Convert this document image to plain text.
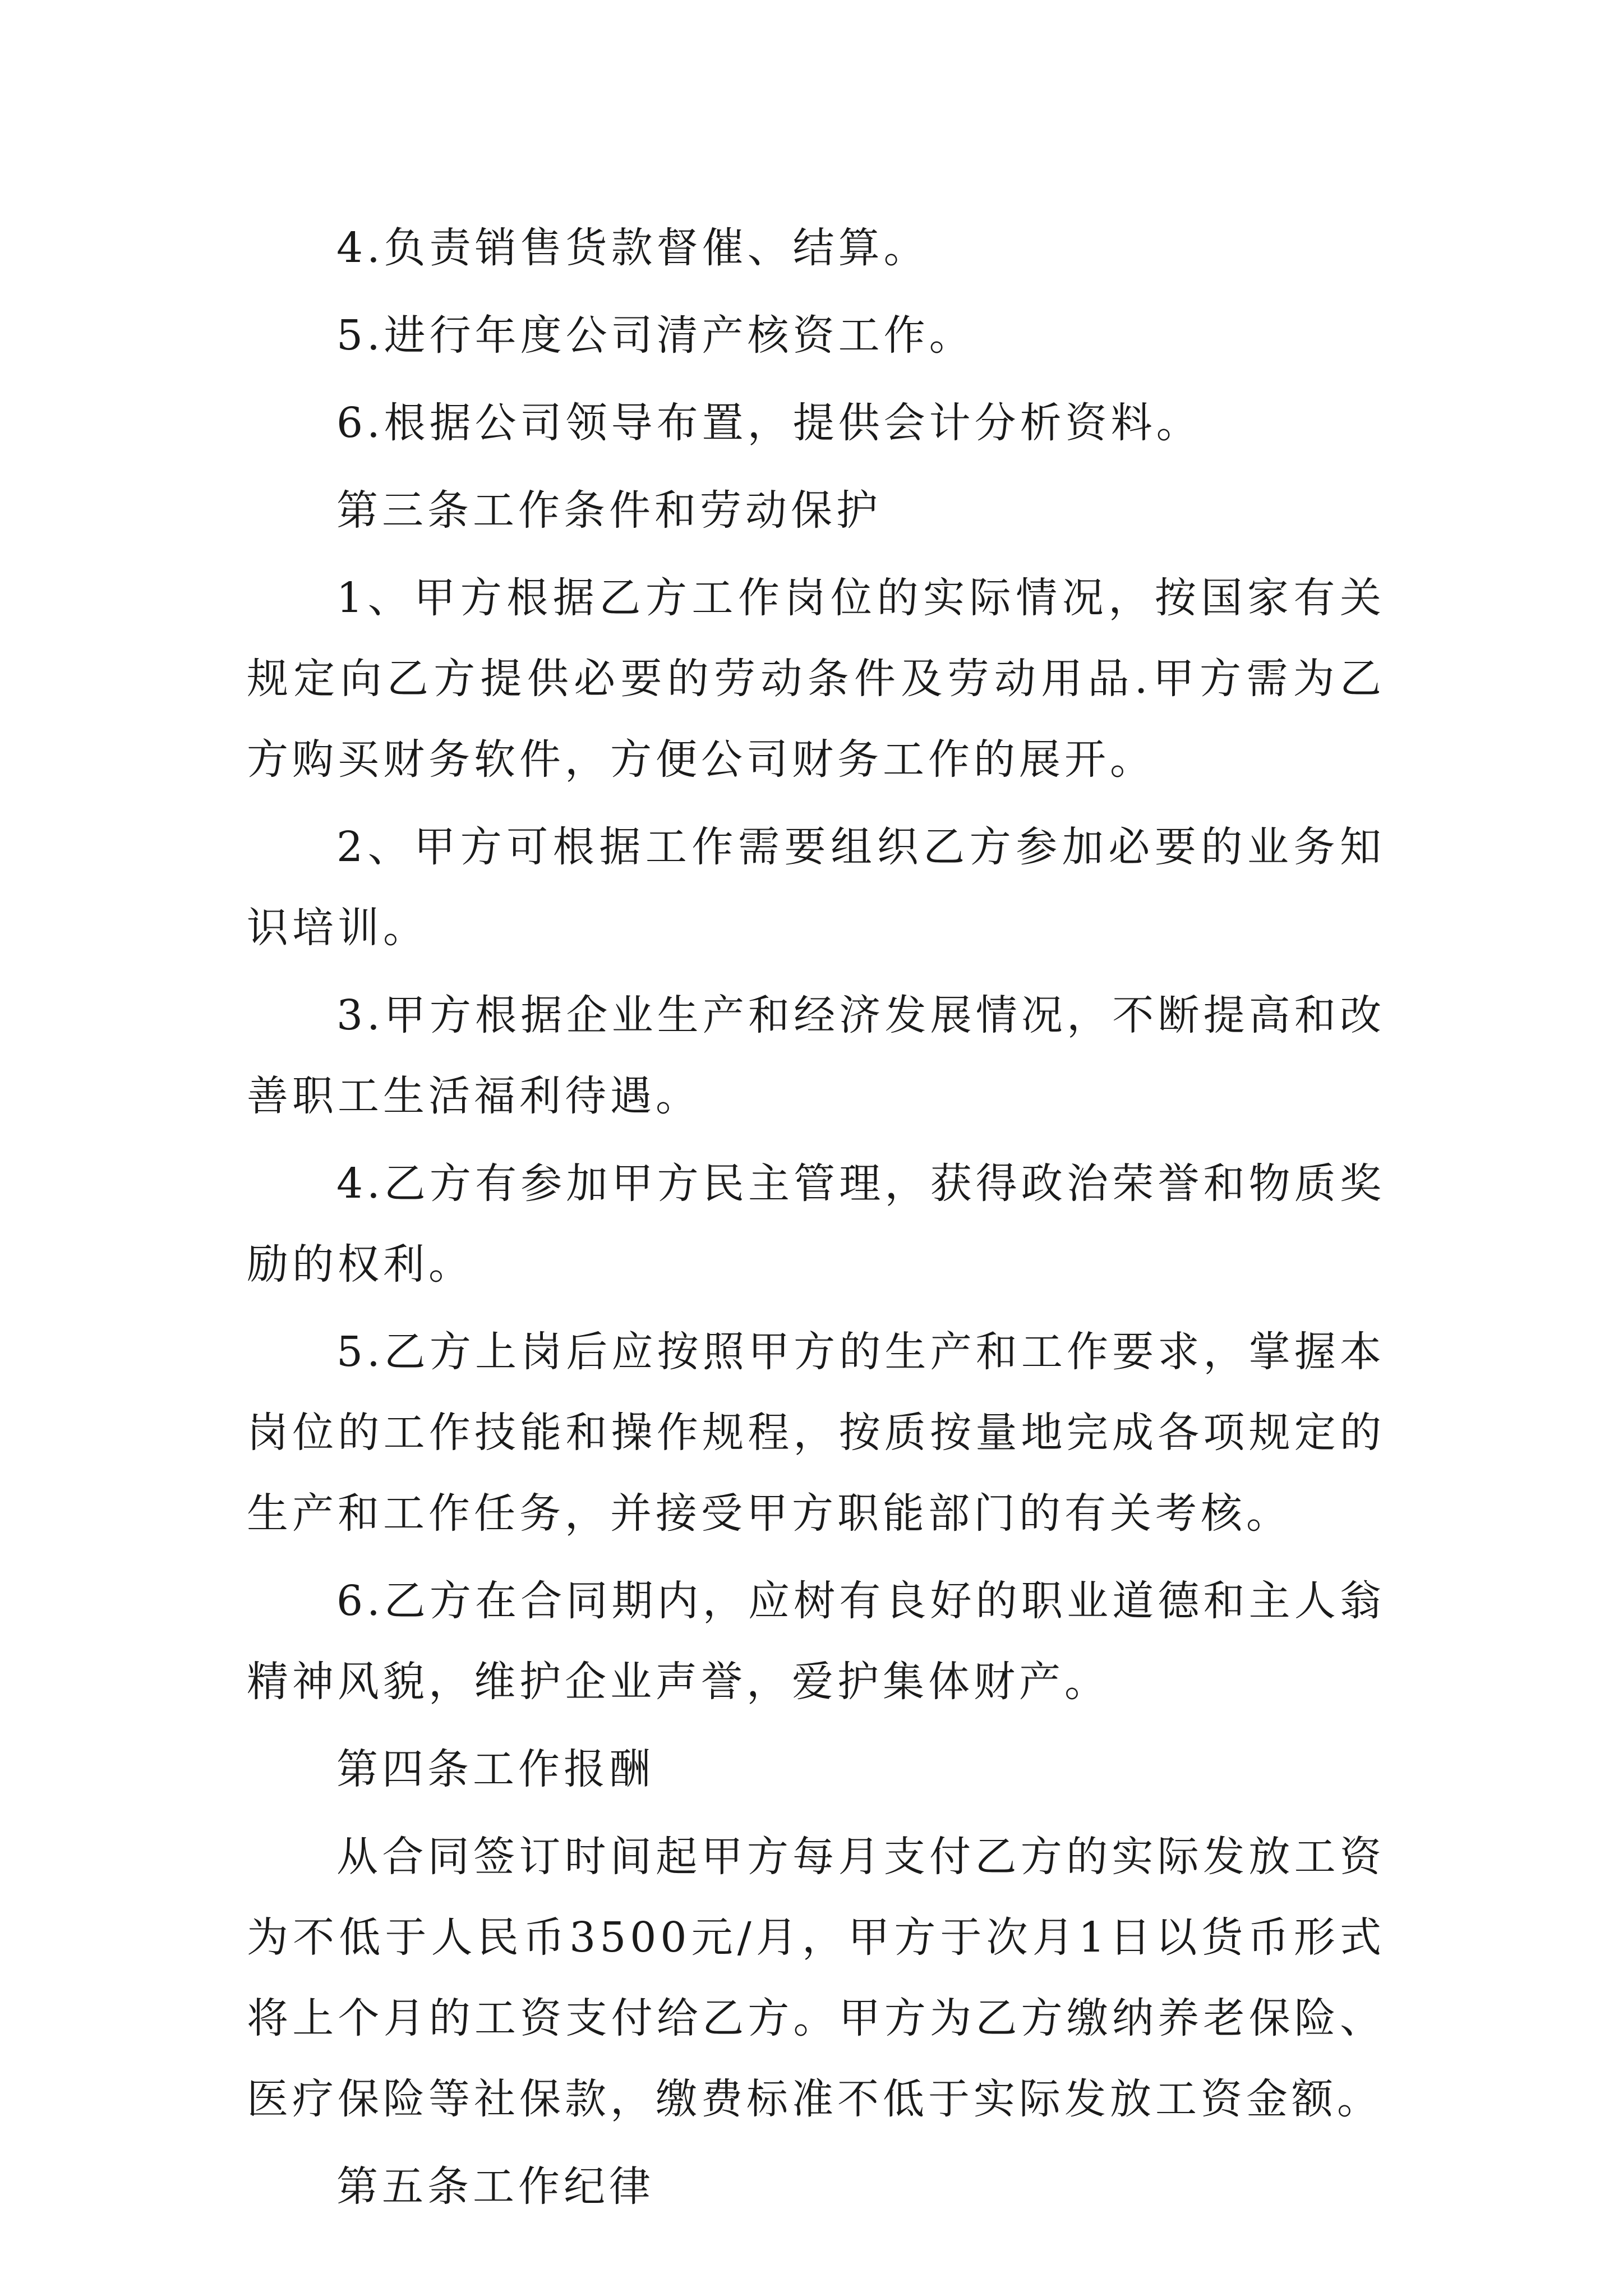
4.负责销售货款督催、结算。

5.进行年度公司清产核资工作。

6.根据公司领导布置，提供会计分析资料。

第三条工作条件和劳动保护

1、甲方根据乙方工作岗位的实际情况，按国家有关规定向乙方提供必要的劳动条件及劳动用品.甲方需为乙方购买财务软件，方便公司财务工作的展开。

2、甲方可根据工作需要组织乙方参加必要的业务知识培训。

3.甲方根据企业生产和经济发展情况，不断提高和改善职工生活福利待遇。

4.乙方有参加甲方民主管理，获得政治荣誉和物质奖励的权利。

5.乙方上岗后应按照甲方的生产和工作要求，掌握本岗位的工作技能和操作规程，按质按量地完成各项规定的生产和工作任务，并接受甲方职能部门的有关考核。

6.乙方在合同期内，应树有良好的职业道德和主人翁精神风貌，维护企业声誉，爱护集体财产。

第四条工作报酬

从合同签订时间起甲方每月支付乙方的实际发放工资为不低于人民币3500元/月，甲方于次月1日以货币形式将上个月的工资支付给乙方。甲方为乙方缴纳养老保险、医疗保险等社保款，缴费标准不低于实际发放工资金额。

第五条工作纪律
